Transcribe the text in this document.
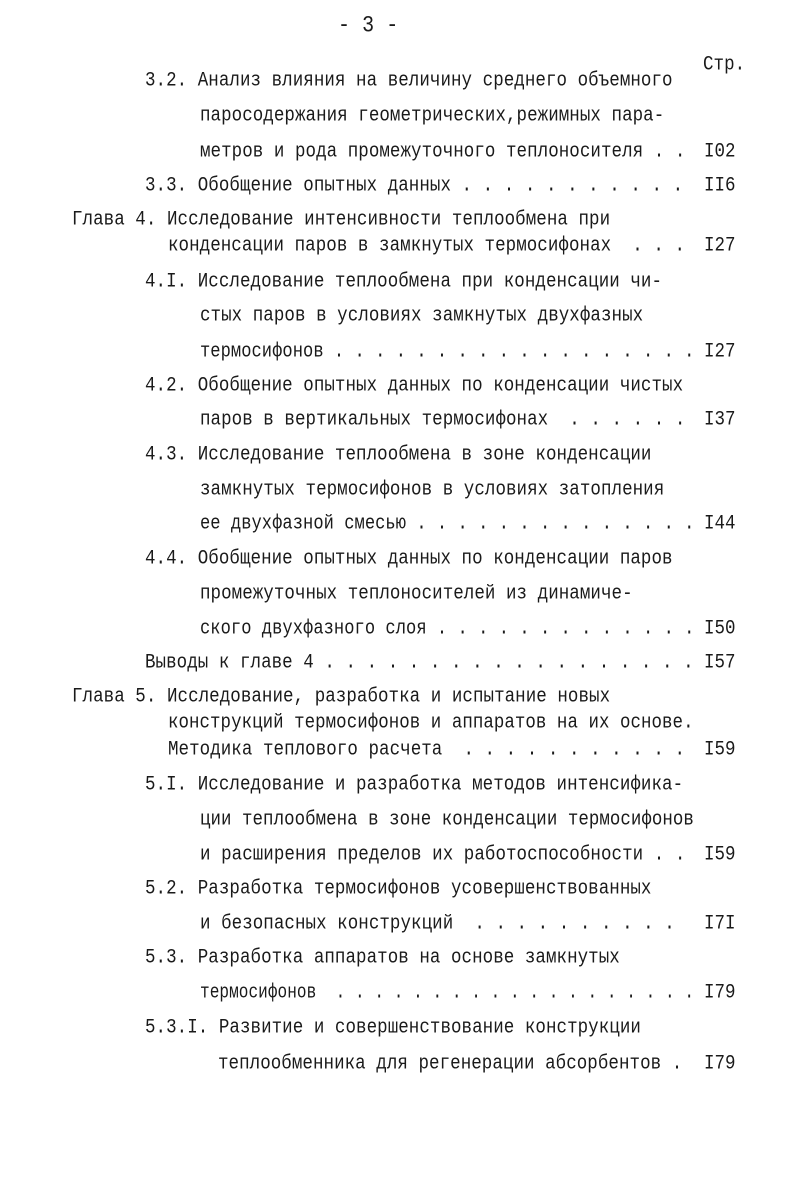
- 3 -
Стр.
3.2. Анализ влияния на величину среднего объемного
паросодержания геометрических,режимных пара-
метров и рода промежуточного теплоносителя . . I02
3.3. Обобщение опытных данных . . . . . . . . . . . II6
Глава 4. Исследование интенсивности теплообмена при
конденсации паров в замкнутых термосифонах  . . . I27
4.I. Исследование теплообмена при конденсации чи-
стых паров в условиях замкнутых двухфазных
термосифонов . . . . . . . . . . . . . . . . . . I27
4.2. Обобщение опытных данных по конденсации чистых
паров в вертикальных термосифонах  . . . . . . I37
4.3. Исследование теплообмена в зоне конденсации
замкнутых термосифонов в условиях затопления
ее двухфазной смесью . . . . . . . . . . . . . . I44
4.4. Обобщение опытных данных по конденсации паров
промежуточных теплоносителей из динамиче-
ского двухфазного слоя . . . . . . . . . . . . . I50
Выводы к главе 4 . . . . . . . . . . . . . . . . . . I57
Глава 5. Исследование, разработка и испытание новых
конструкций термосифонов и аппаратов на их основе.
Методика теплового расчета  . . . . . . . . . . . I59
5.I. Исследование и разработка методов интенсифика-
ции теплообмена в зоне конденсации термосифонов
и расширения пределов их работоспособности . . I59
5.2. Разработка термосифонов усовершенствованных
и безопасных конструкций  . . . . . . . . . . I7I
5.3. Разработка аппаратов на основе замкнутых
термосифонов  . . . . . . . . . . . . . . . . . . . I79
5.3.I. Развитие и совершенствование конструкции
теплообменника для регенерации абсорбентов . I79
